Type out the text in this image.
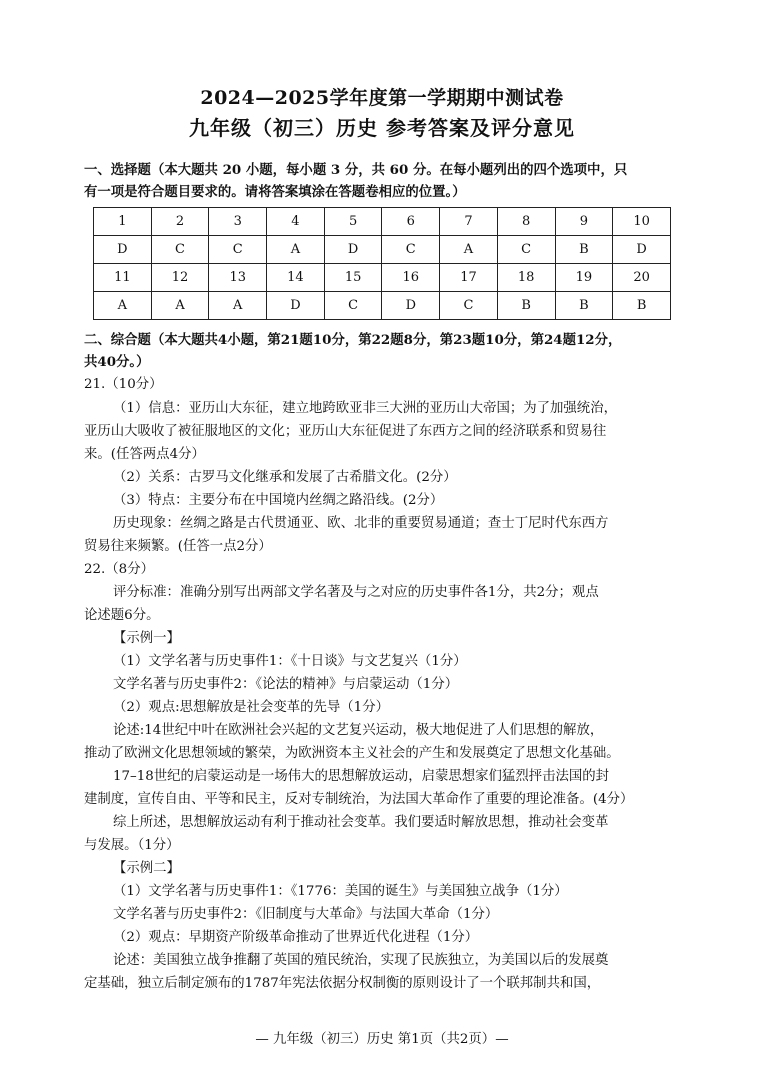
2024—2025学年度第一学期期中测试卷
九年级（初三）历史 参考答案及评分意见
一、选择题（本大题共 20 小题，每小题 3 分，共 60 分。在每小题列出的四个选项中，只
有一项是符合题目要求的。请将答案填涂在答题卷相应的位置。）
1	2	3	4	5	6	7	8	9	10
D	C	C	A	D	C	A	C	B	D
11	12	13	14	15	16	17	18	19	20
A	A	A	D	C	D	C	B	B	B
二、综合题（本大题共4小题，第21题10分，第22题8分，第23题10分，第24题12分，
共40分。）
21.（10分）
（1）信息：亚历山大东征，建立地跨欧亚非三大洲的亚历山大帝国；为了加强统治，
亚历山大吸收了被征服地区的文化；亚历山大东征促进了东西方之间的经济联系和贸易往
来。(任答两点4分）
（2）关系：古罗马文化继承和发展了古希腊文化。(2分）
（3）特点：主要分布在中国境内丝绸之路沿线。(2分）
历史现象：丝绸之路是古代贯通亚、欧、北非的重要贸易通道；查士丁尼时代东西方
贸易往来频繁。(任答一点2分）
22.（8分）
评分标准：准确分别写出两部文学名著及与之对应的历史事件各1分，共2分；观点
论述题6分。
【示例一】
（1）文学名著与历史事件1：《十日谈》与文艺复兴（1分）
文学名著与历史事件2：《论法的精神》与启蒙运动（1分）
（2）观点:思想解放是社会变革的先导（1分）
论述:14世纪中叶在欧洲社会兴起的文艺复兴运动，极大地促进了人们思想的解放，
推动了欧洲文化思想领域的繁荣，为欧洲资本主义社会的产生和发展奠定了思想文化基础。
17–18世纪的启蒙运动是一场伟大的思想解放运动，启蒙思想家们猛烈抨击法国的封
建制度，宣传自由、平等和民主，反对专制统治，为法国大革命作了重要的理论准备。(4分）
综上所述，思想解放运动有利于推动社会变革。我们要适时解放思想，推动社会变革
与发展。（1分）
【示例二】
（1）文学名著与历史事件1：《1776：美国的诞生》与美国独立战争（1分）
文学名著与历史事件2：《旧制度与大革命》与法国大革命（1分）
（2）观点：早期资产阶级革命推动了世界近代化进程（1分）
论述：美国独立战争推翻了英国的殖民统治，实现了民族独立，为美国以后的发展奠
定基础，独立后制定颁布的1787年宪法依据分权制衡的原则设计了一个联邦制共和国，
— 九年级（初三）历史 第1页（共2页）—
